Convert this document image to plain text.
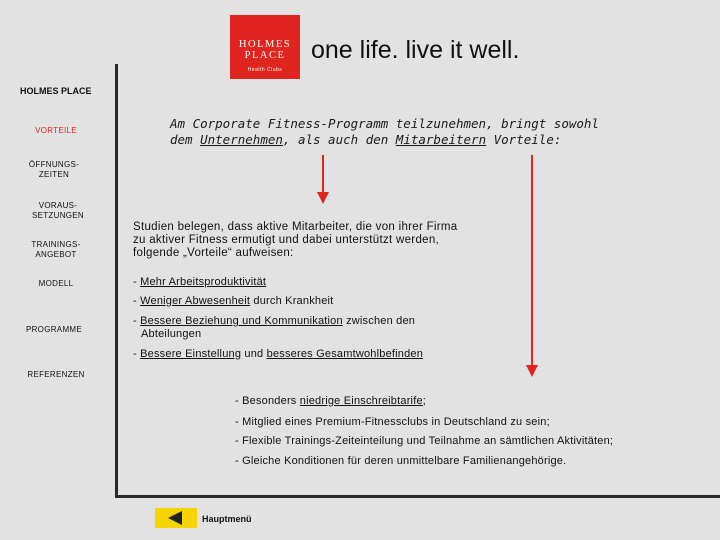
HOLMES
PLACE
Health Clubs
one life. live it well.
HOLMES PLACE
VORTEILE
ÖFFNUNGS-
ZEITEN
VORAUS-
SETZUNGEN
TRAININGS-
ANGEBOT
MODELL
PROGRAMME
REFERENZEN
Am Corporate Fitness-Programm teilzunehmen, bringt sowohl dem Unternehmen, als auch den Mitarbeitern Vorteile:
Studien belegen, dass aktive Mitarbeiter, die von ihrer Firma zu aktiver Fitness ermutigt und dabei unterstützt werden, folgende „Vorteile“ aufweisen:
- Mehr Arbeitsproduktivität
- Weniger Abwesenheit durch Krankheit
- Bessere Beziehung und Kommunikation zwischen den Abteilungen
- Bessere Einstellung und besseres Gesamtwohlbefinden
- Besonders niedrige Einschreibtarife;
- Mitglied eines Premium-Fitnessclubs in Deutschland zu sein;
- Flexible Trainings-Zeiteinteilung und Teilnahme an sämtlichen Aktivitäten;
- Gleiche Konditionen für deren unmittelbare Familienangehörige.
Hauptmenü
